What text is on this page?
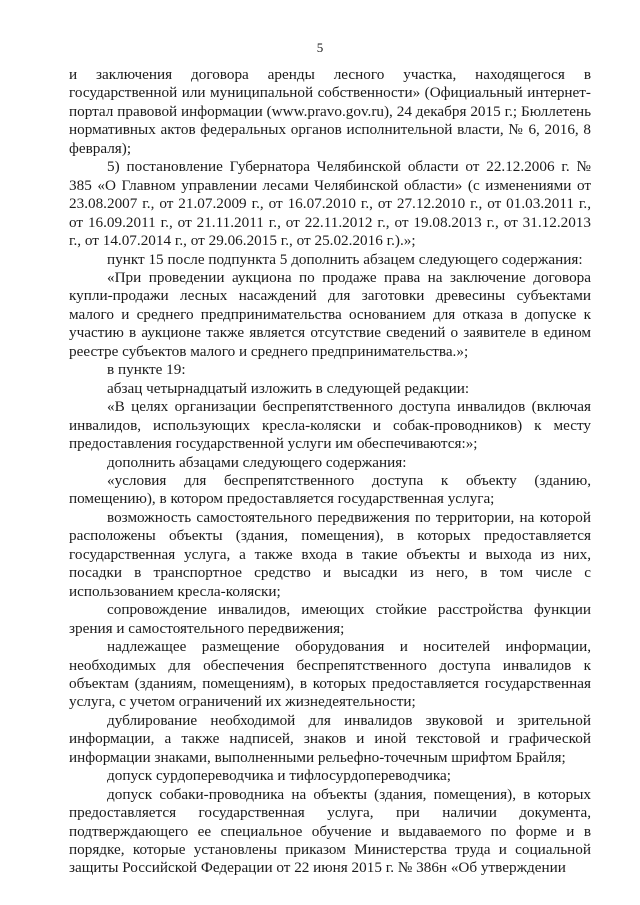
5

и заключения договора аренды лесного участка, находящегося в государственной или муниципальной собственности» (Официальный интернет-портал правовой информации (www.pravo.gov.ru), 24 декабря 2015 г.; Бюллетень нормативных актов федеральных органов исполнительной власти, № 6, 2016, 8 февраля);

5) постановление Губернатора Челябинской области от 22.12.2006 г. № 385 «О Главном управлении лесами Челябинской области» (с изменениями от 23.08.2007 г., от 21.07.2009 г., от 16.07.2010 г., от 27.12.2010 г., от 01.03.2011 г., от 16.09.2011 г., от 21.11.2011 г., от 22.11.2012 г., от 19.08.2013 г., от 31.12.2013 г., от 14.07.2014 г., от 29.06.2015 г., от 25.02.2016 г.).»;

пункт 15 после подпункта 5 дополнить абзацем следующего содержания:

«При проведении аукциона по продаже права на заключение договора купли-продажи лесных насаждений для заготовки древесины субъектами малого и среднего предпринимательства основанием для отказа в допуске к участию в аукционе также является отсутствие сведений о заявителе в едином реестре субъектов малого и среднего предпринимательства.»;

в пункте 19:

абзац четырнадцатый изложить в следующей редакции:

«В целях организации беспрепятственного доступа инвалидов (включая инвалидов, использующих кресла-коляски и собак-проводников) к месту предоставления государственной услуги им обеспечиваются:»;

дополнить абзацами следующего содержания:

«условия для беспрепятственного доступа к объекту (зданию, помещению), в котором предоставляется государственная услуга;

возможность самостоятельного передвижения по территории, на которой расположены объекты (здания, помещения), в которых предоставляется государственная услуга, а также входа в такие объекты и выхода из них, посадки в транспортное средство и высадки из него, в том числе с использованием кресла-коляски;

сопровождение инвалидов, имеющих стойкие расстройства функции зрения и самостоятельного передвижения;

надлежащее размещение оборудования и носителей информации, необходимых для обеспечения беспрепятственного доступа инвалидов к объектам (зданиям, помещениям), в которых предоставляется государственная услуга, с учетом ограничений их жизнедеятельности;

дублирование необходимой для инвалидов звуковой и зрительной информации, а также надписей, знаков и иной текстовой и графической информации знаками, выполненными рельефно-точечным шрифтом Брайля;

допуск сурдопереводчика и тифлосурдопереводчика;

допуск собаки-проводника на объекты (здания, помещения), в которых предоставляется государственная услуга, при наличии документа, подтверждающего ее специальное обучение и выдаваемого по форме и в порядке, которые установлены приказом Министерства труда и социальной защиты Российской Федерации от 22 июня 2015 г. № 386н «Об утверждении
